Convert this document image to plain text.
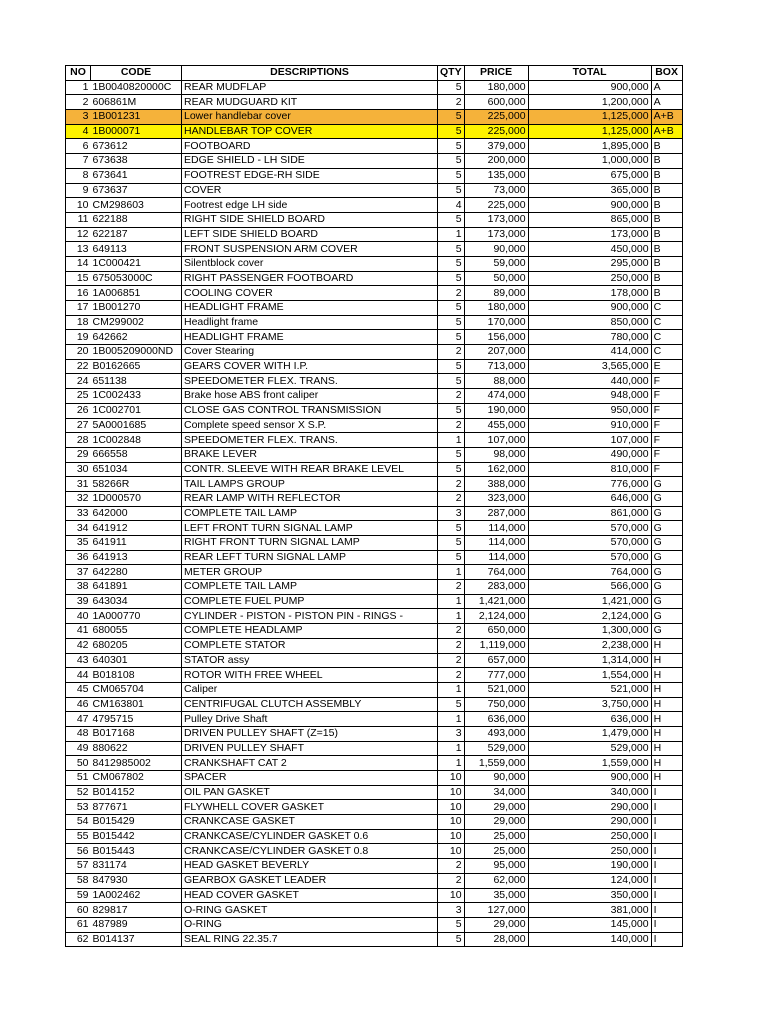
NO	CODE	DESCRIPTIONS	QTY	PRICE	TOTAL	BOX
1	1B0040820000C	REAR MUDFLAP	5	180,000	900,000	A
2	606861M	REAR MUDGUARD KIT	2	600,000	1,200,000	A
3	1B001231	Lower handlebar cover	5	225,000	1,125,000	A+B
4	1B000071	HANDLEBAR TOP COVER	5	225,000	1,125,000	A+B
6	673612	FOOTBOARD	5	379,000	1,895,000	B
7	673638	EDGE SHIELD - LH SIDE	5	200,000	1,000,000	B
8	673641	FOOTREST EDGE-RH SIDE	5	135,000	675,000	B
9	673637	COVER	5	73,000	365,000	B
10	CM298603	Footrest edge LH side	4	225,000	900,000	B
11	622188	RIGHT SIDE SHIELD BOARD	5	173,000	865,000	B
12	622187	LEFT SIDE SHIELD BOARD	1	173,000	173,000	B
13	649113	FRONT SUSPENSION ARM COVER	5	90,000	450,000	B
14	1C000421	Silentblock cover	5	59,000	295,000	B
15	675053000C	RIGHT PASSENGER FOOTBOARD	5	50,000	250,000	B
16	1A006851	COOLING COVER	2	89,000	178,000	B
17	1B001270	HEADLIGHT FRAME	5	180,000	900,000	C
18	CM299002	Headlight frame	5	170,000	850,000	C
19	642662	HEADLIGHT FRAME	5	156,000	780,000	C
20	1B005209000ND	Cover Stearing	2	207,000	414,000	C
22	B0162665	GEARS COVER WITH I.P.	5	713,000	3,565,000	E
24	651138	SPEEDOMETER FLEX. TRANS.	5	88,000	440,000	F
25	1C002433	Brake hose ABS front caliper	2	474,000	948,000	F
26	1C002701	CLOSE GAS CONTROL TRANSMISSION	5	190,000	950,000	F
27	5A0001685	Complete speed sensor X S.P.	2	455,000	910,000	F
28	1C002848	SPEEDOMETER FLEX. TRANS.	1	107,000	107,000	F
29	666558	BRAKE LEVER	5	98,000	490,000	F
30	651034	CONTR. SLEEVE WITH REAR BRAKE LEVEL	5	162,000	810,000	F
31	58266R	TAIL LAMPS GROUP	2	388,000	776,000	G
32	1D000570	REAR LAMP WITH REFLECTOR	2	323,000	646,000	G
33	642000	COMPLETE TAIL LAMP	3	287,000	861,000	G
34	641912	LEFT FRONT TURN SIGNAL LAMP	5	114,000	570,000	G
35	641911	RIGHT FRONT TURN SIGNAL LAMP	5	114,000	570,000	G
36	641913	REAR LEFT TURN SIGNAL LAMP	5	114,000	570,000	G
37	642280	METER GROUP	1	764,000	764,000	G
38	641891	COMPLETE TAIL LAMP	2	283,000	566,000	G
39	643034	COMPLETE FUEL PUMP	1	1,421,000	1,421,000	G
40	1A000770	CYLINDER - PISTON - PISTON PIN - RINGS -	1	2,124,000	2,124,000	G
41	680055	COMPLETE HEADLAMP	2	650,000	1,300,000	G
42	680205	COMPLETE STATOR	2	1,119,000	2,238,000	H
43	640301	STATOR assy	2	657,000	1,314,000	H
44	B018108	ROTOR WITH FREE WHEEL	2	777,000	1,554,000	H
45	CM065704	Caliper	1	521,000	521,000	H
46	CM163801	CENTRIFUGAL CLUTCH ASSEMBLY	5	750,000	3,750,000	H
47	4795715	Pulley Drive Shaft	1	636,000	636,000	H
48	B017168	DRIVEN PULLEY SHAFT (Z=15)	3	493,000	1,479,000	H
49	880622	DRIVEN PULLEY SHAFT	1	529,000	529,000	H
50	8412985002	CRANKSHAFT CAT 2	1	1,559,000	1,559,000	H
51	CM067802	SPACER	10	90,000	900,000	H
52	B014152	OIL PAN GASKET	10	34,000	340,000	I
53	877671	FLYWHELL COVER GASKET	10	29,000	290,000	I
54	B015429	CRANKCASE GASKET	10	29,000	290,000	I
55	B015442	CRANKCASE/CYLINDER GASKET 0.6	10	25,000	250,000	I
56	B015443	CRANKCASE/CYLINDER GASKET 0.8	10	25,000	250,000	I
57	831174	HEAD GASKET BEVERLY	2	95,000	190,000	I
58	847930	GEARBOX GASKET LEADER	2	62,000	124,000	I
59	1A002462	HEAD COVER GASKET	10	35,000	350,000	I
60	829817	O-RING GASKET	3	127,000	381,000	I
61	487989	O-RING	5	29,000	145,000	I
62	B014137	SEAL RING 22.35.7	5	28,000	140,000	I
